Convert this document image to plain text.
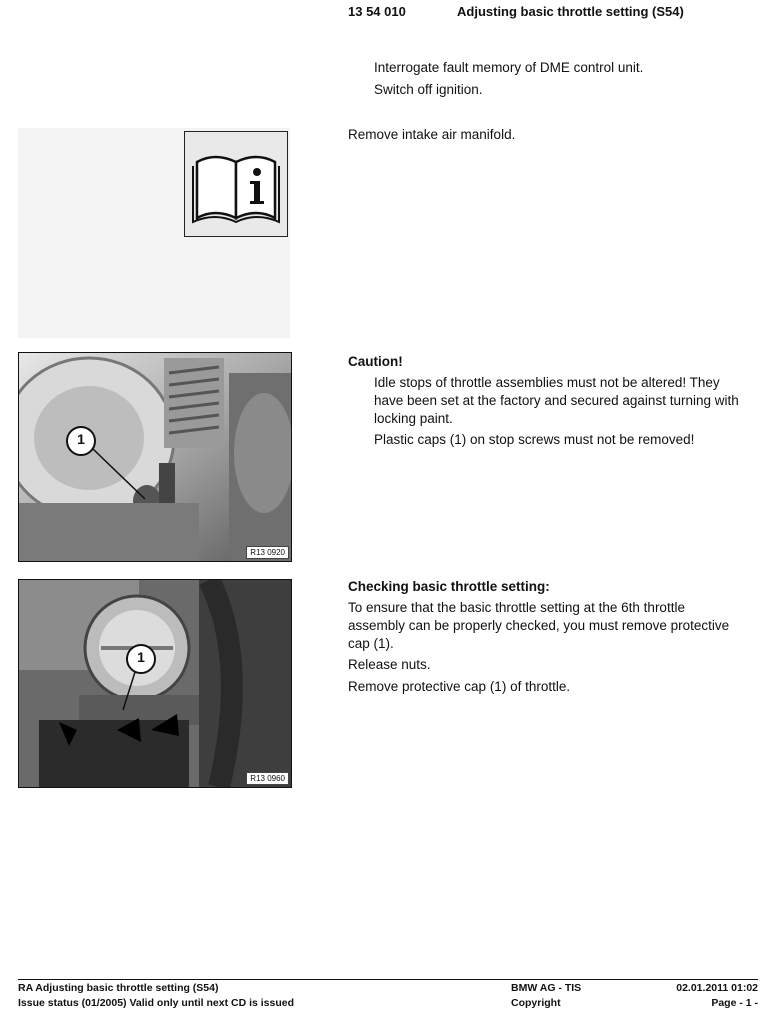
13 54 010	Adjusting basic throttle setting (S54)
Interrogate fault memory of DME control unit.
Switch off ignition.
Remove intake air manifold.
Caution!
Idle stops of throttle assemblies must not be altered! They
have been set at the factory and secured against turning with
locking paint.
Plastic caps (1) on stop screws must not be removed!
1
R13 0920
Checking basic throttle setting:
To ensure that the basic throttle setting at the 6th throttle
assembly can be properly checked, you must remove protective
cap (1).
Release nuts.
Remove protective cap (1) of throttle.
1
R13 0960
RA Adjusting basic throttle setting (S54)
Issue status (01/2005) Valid only until next CD is issued
BMW AG - TIS
Copyright
02.01.2011 01:02
Page - 1 -
